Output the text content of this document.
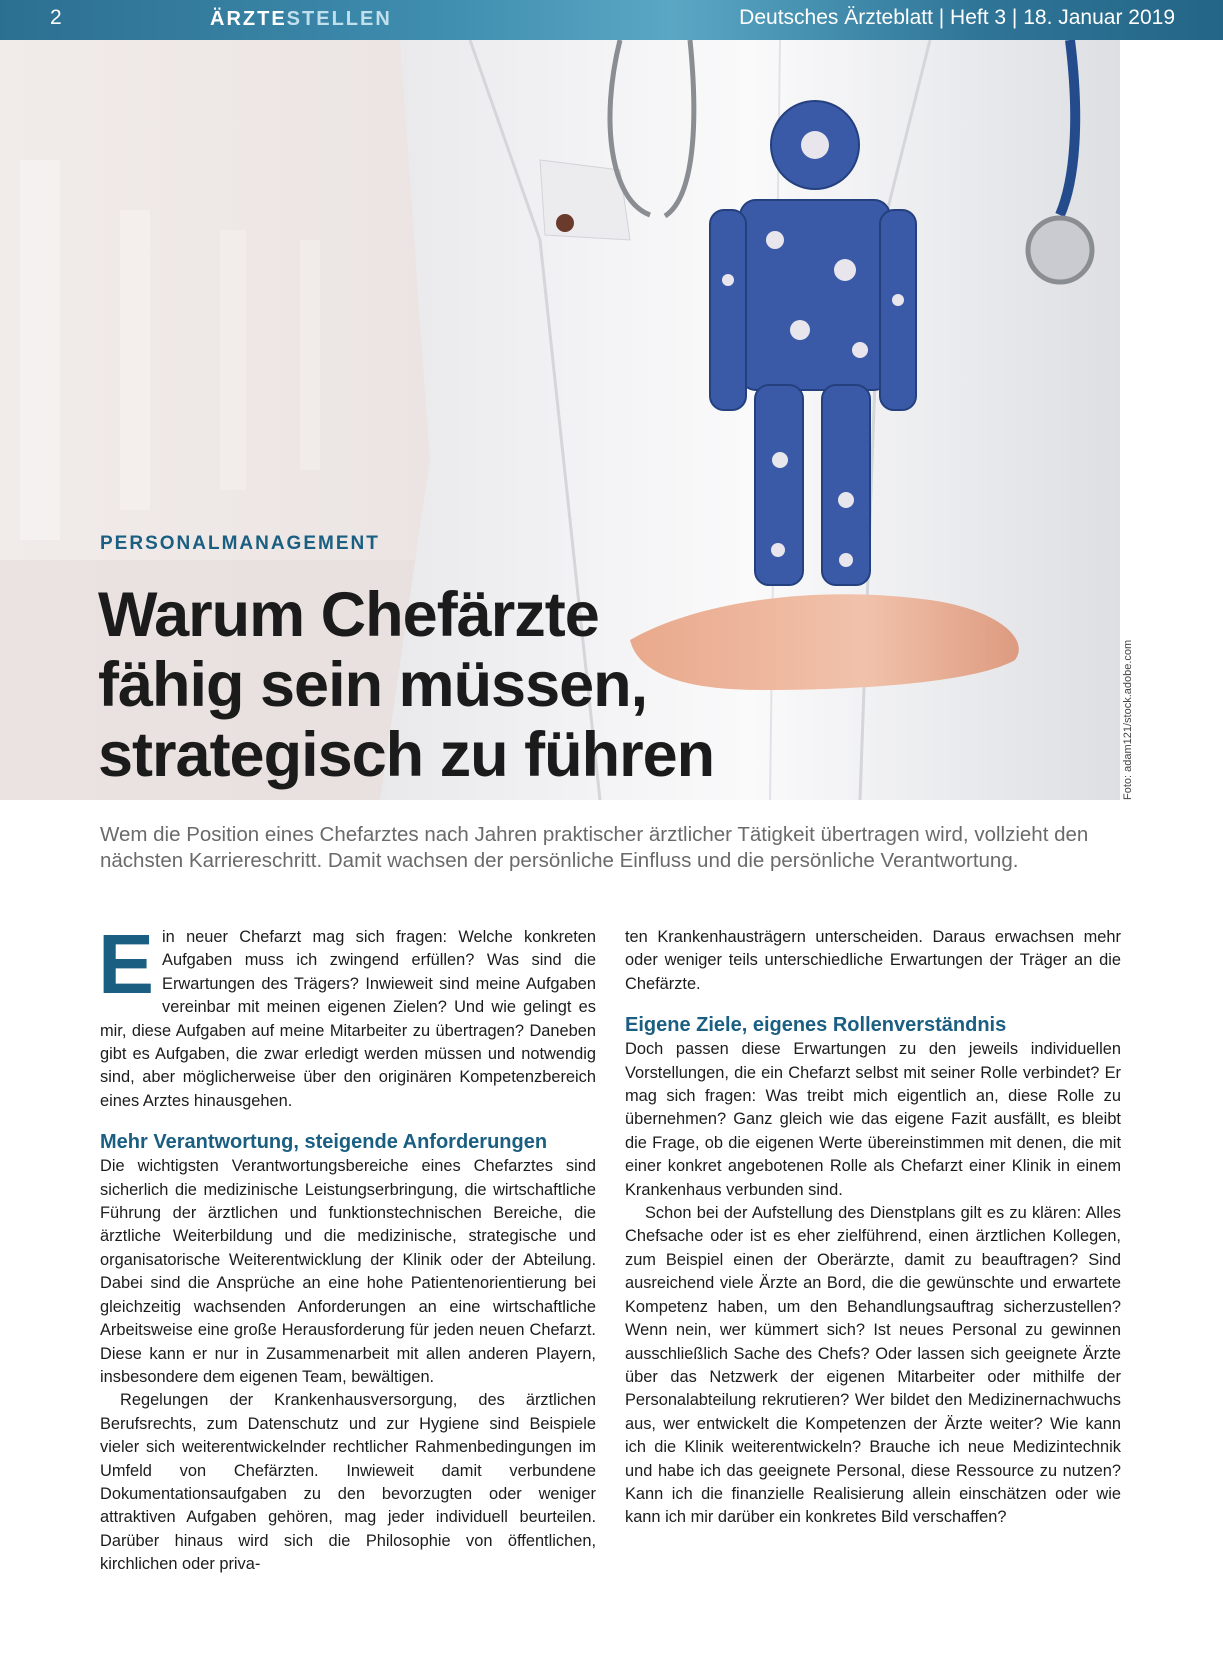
2	ÄRZTESTELLEN	Deutsches Ärzteblatt | Heft 3 | 18. Januar 2019
PERSONALMANAGEMENT
Warum Chefärzte
fähig sein müssen,
strategisch zu führen	Foto: adam121/stock.adobe.com

Wem die Position eines Chefarztes nach Jahren praktischer ärztlicher Tätigkeit übertragen wird, vollzieht den nächsten Karriereschritt. Damit wachsen der persönliche Einfluss und die persönliche Verantwortung.

Ein neuer Chefarzt mag sich fragen: Welche konkreten Aufgaben muss ich zwingend erfüllen? Was sind die Erwartungen des Trägers? Inwieweit sind meine Aufgaben vereinbar mit meinen eigenen Zielen? Und wie gelingt es mir, diese Aufgaben auf meine Mitarbeiter zu übertragen? Daneben gibt es Aufgaben, die zwar erledigt werden müssen und notwendig sind, aber möglicherweise über den originären Kompetenzbereich eines Arztes hinausgehen.

Mehr Verantwortung, steigende Anforderungen

Die wichtigsten Verantwortungsbereiche eines Chefarztes sind sicherlich die medizinische Leistungserbringung, die wirtschaftliche Führung der ärztlichen und funktionstechnischen Bereiche, die ärztliche Weiterbildung und die medizinische, strategische und organisatorische Weiterentwicklung der Klinik oder der Abteilung. Dabei sind die Ansprüche an eine hohe Patientenorientierung bei gleichzeitig wachsenden Anforderungen an eine wirtschaftliche Arbeitsweise eine große Herausforderung für jeden neuen Chefarzt. Diese kann er nur in Zusammenarbeit mit allen anderen Playern, insbesondere dem eigenen Team, bewältigen.

Regelungen der Krankenhausversorgung, des ärztlichen Berufsrechts, zum Datenschutz und zur Hygiene sind Beispiele vieler sich weiterentwickelnder rechtlicher Rahmenbedingungen im Umfeld von Chefärzten. Inwieweit damit verbundene Dokumentationsaufgaben zu den bevorzugten oder weniger attraktiven Aufgaben gehören, mag jeder individuell beurteilen. Darüber hinaus wird sich die Philosophie von öffentlichen, kirchlichen oder priva-

ten Krankenhausträgern unterscheiden. Daraus erwachsen mehr oder weniger teils unterschiedliche Erwartungen der Träger an die Chefärzte.

Eigene Ziele, eigenes Rollenverständnis

Doch passen diese Erwartungen zu den jeweils individuellen Vorstellungen, die ein Chefarzt selbst mit seiner Rolle verbindet? Er mag sich fragen: Was treibt mich eigentlich an, diese Rolle zu übernehmen? Ganz gleich wie das eigene Fazit ausfällt, es bleibt die Frage, ob die eigenen Werte übereinstimmen mit denen, die mit einer konkret angebotenen Rolle als Chefarzt einer Klinik in einem Krankenhaus verbunden sind.

Schon bei der Aufstellung des Dienstplans gilt es zu klären: Alles Chefsache oder ist es eher zielführend, einen ärztlichen Kollegen, zum Beispiel einen der Oberärzte, damit zu beauftragen? Sind ausreichend viele Ärzte an Bord, die die gewünschte und erwartete Kompetenz haben, um den Behandlungsauftrag sicherzustellen? Wenn nein, wer kümmert sich? Ist neues Personal zu gewinnen ausschließlich Sache des Chefs? Oder lassen sich geeignete Ärzte über das Netzwerk der eigenen Mitarbeiter oder mithilfe der Personalabteilung rekrutieren? Wer bildet den Medizinernachwuchs aus, wer entwickelt die Kompetenzen der Ärzte weiter? Wie kann ich die Klinik weiterentwickeln? Brauche ich neue Medizintechnik und habe ich das geeignete Personal, diese Ressource zu nutzen? Kann ich die finanzielle Realisierung allein einschätzen oder wie kann ich mir darüber ein konkretes Bild verschaffen?
